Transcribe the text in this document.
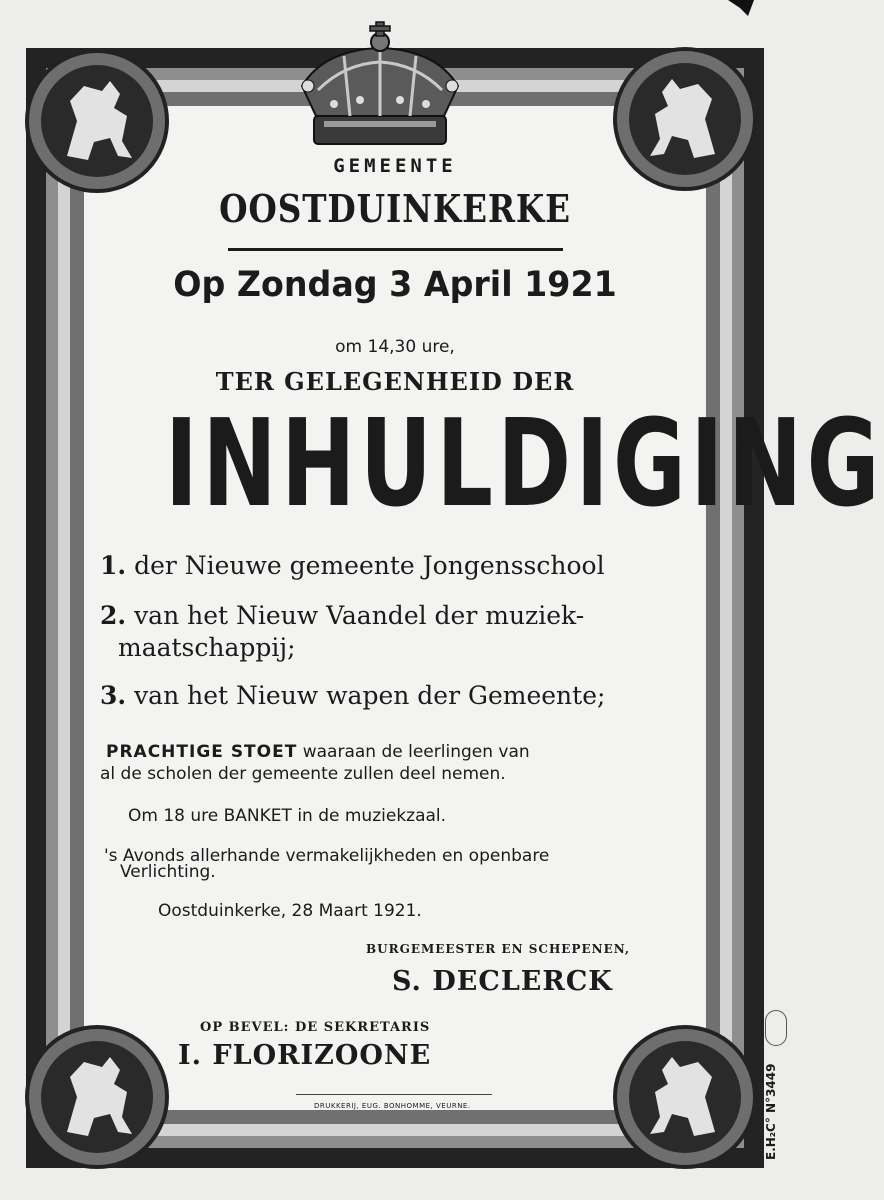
GEMEENTE
OOSTDUINKERKE
Op Zondag 3 April 1921
om 14,30 ure,
TER GELEGENHEID DER
INHULDIGING
1. der Nieuwe gemeente Jongensschool
2. van het Nieuw Vaandel der muziek-
maatschappij;
3. van het Nieuw wapen der Gemeente;
PRACHTIGE STOET waaraan de leerlingen van
al de scholen der gemeente zullen deel nemen.
Om 18 ure BANKET in de muziekzaal.
's Avonds allerhande vermakelijkheden en openbare
Verlichting.
Oostduinkerke, 28 Maart 1921.
BURGEMEESTER EN SCHEPENEN,
S. DECLERCK
OP BEVEL: DE SEKRETARIS
I. FLORIZOONE
DRUKKERIJ, EUG. BONHOMME, VEURNE.	E.H₂C° N°3449
